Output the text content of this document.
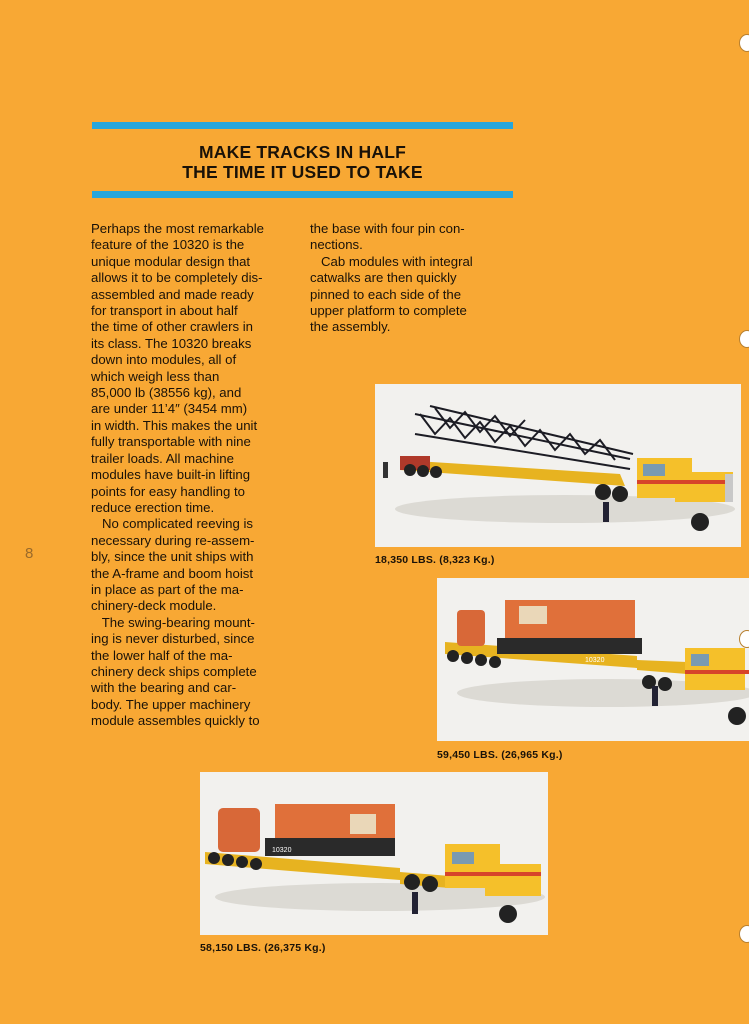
MAKE TRACKS IN HALF
THE TIME IT USED TO TAKE
Perhaps the most remarkable
feature of the 10320 is the
unique modular design that
allows it to be completely dis-
assembled and made ready
for transport in about half
the time of other crawlers in
its class. The 10320 breaks
down into modules, all of
which weigh less than
85,000 lb (38556 kg), and
are under 11’4″ (3454 mm)
in width. This makes the unit
fully transportable with nine
trailer loads. All machine
modules have built-in lifting
points for easy handling to
reduce erection time.
No complicated reeving is
necessary during re-assem-
bly, since the unit ships with
the A-frame and boom hoist
in place as part of the ma-
chinery-deck module.
The swing-bearing mount-
ing is never disturbed, since
the lower half of the ma-
chinery deck ships complete
with the bearing and car-
body. The upper machinery
module assembles quickly to
the base with four pin con-
nections.
Cab modules with integral
catwalks are then quickly
pinned to each side of the
upper platform to complete
the assembly.
8	18,350 LBS. (8,323 Kg.)
10320
59,450 LBS. (26,965 Kg.)
10320
58,150 LBS. (26,375 Kg.)
